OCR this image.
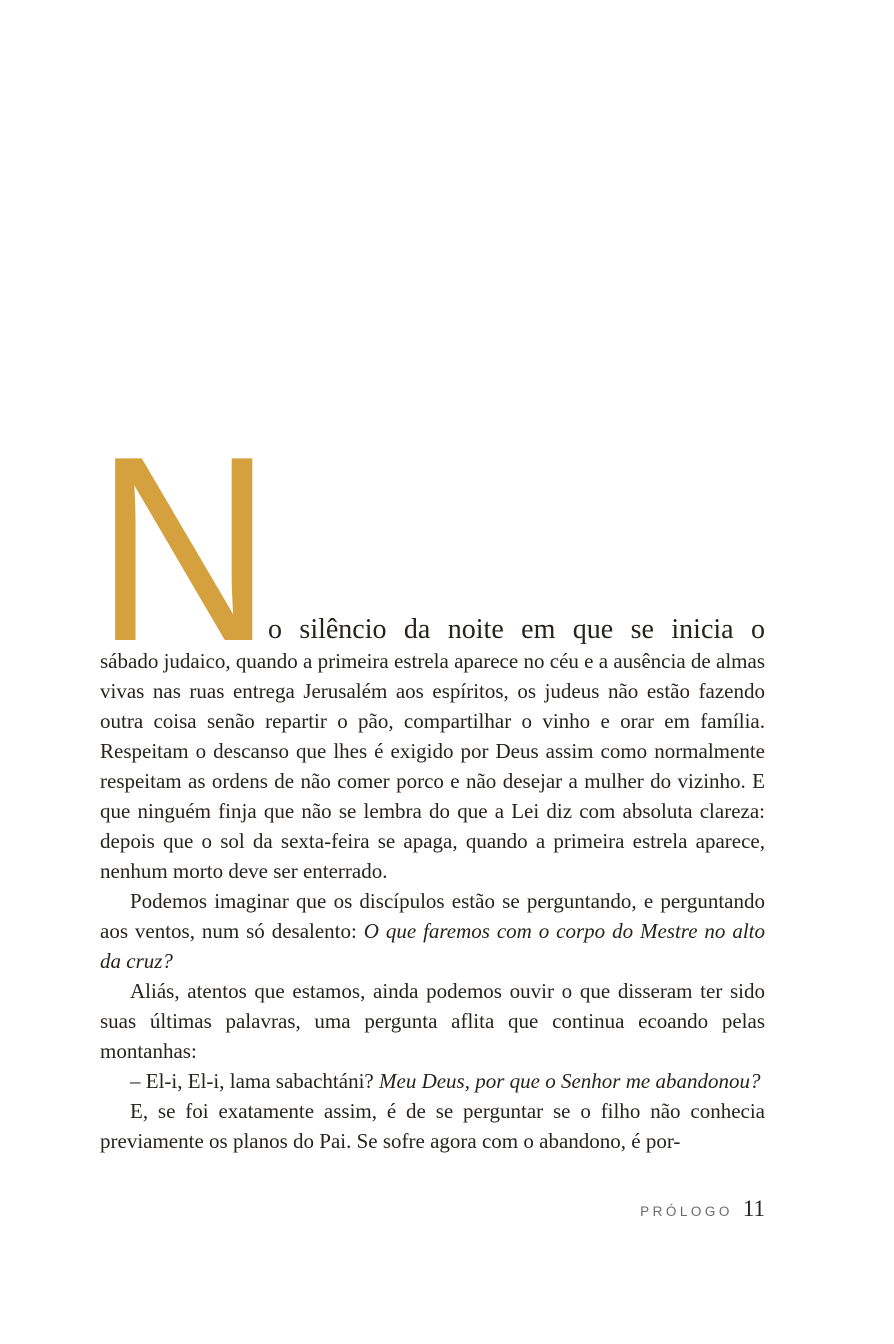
N
o silêncio da noite em que se inicia o

sábado judaico, quando a primeira estrela aparece no céu e a ausência de almas vivas nas ruas entrega Jerusalém aos espíritos, os judeus não estão fazendo outra coisa senão repartir o pão, compartilhar o vinho e orar em família. Respeitam o descanso que lhes é exigido por Deus assim como normalmente respeitam as ordens de não comer porco e não desejar a mulher do vizinho. E que ninguém finja que não se lembra do que a Lei diz com absoluta clareza: depois que o sol da sexta-feira se apaga, quando a primeira estrela aparece, nenhum morto deve ser enterrado.

Podemos imaginar que os discípulos estão se perguntando, e perguntando aos ventos, num só desalento: O que faremos com o corpo do Mestre no alto da cruz?

Aliás, atentos que estamos, ainda podemos ouvir o que disseram ter sido suas últimas palavras, uma pergunta aflita que continua ecoando pelas montanhas:

– El-i, El-i, lama sabachtáni? Meu Deus, por que o Senhor me abandonou?

E, se foi exatamente assim, é de se perguntar se o filho não conhecia previamente os planos do Pai. Se sofre agora com o abandono, é por-

PRÓLOGO 11
